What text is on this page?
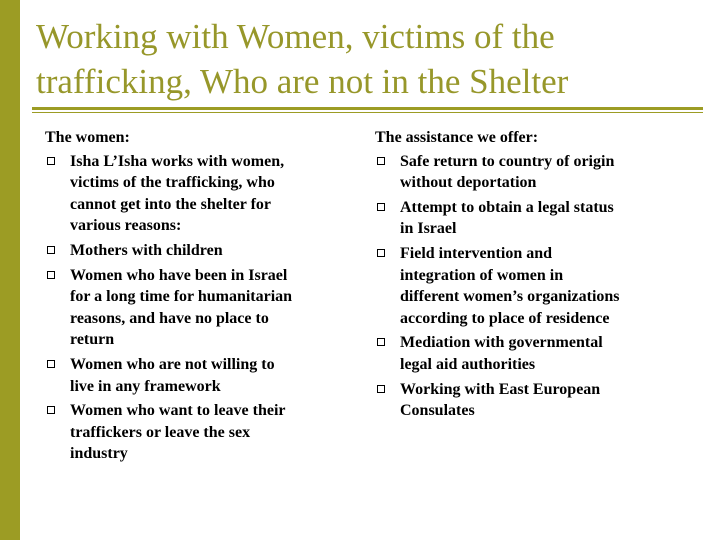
Working with Women, victims of the
trafficking, Who are not in the Shelter
The women:
Isha L’Isha works with women,
victims of the trafficking, who
cannot get into the shelter for
various reasons:
Mothers with children
Women who have been in Israel
for a long time for humanitarian
reasons, and have no place to
return
Women who are not willing to
live in any framework
Women who want to leave their
traffickers or leave the sex
industry
The assistance we offer:
Safe return to country of origin
without deportation
Attempt to obtain a legal status
in Israel
Field intervention and
integration of women in
different women’s organizations
according to place of residence
Mediation with governmental
legal aid authorities
Working with East European
Consulates
